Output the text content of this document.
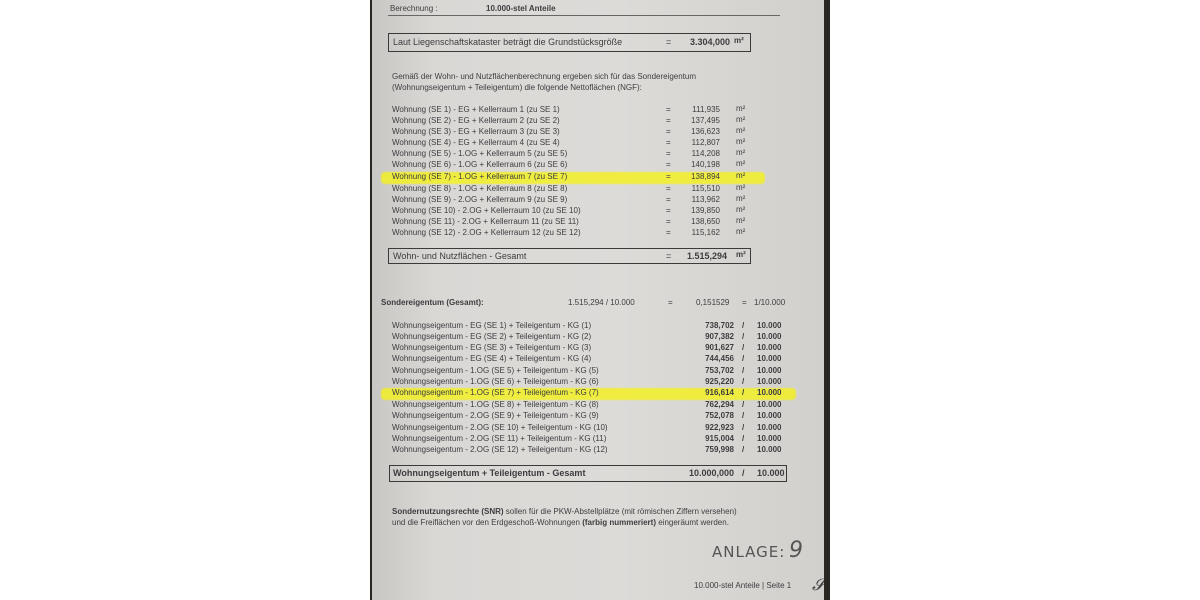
Berechnung :	10.000-stel Anteile
Laut Liegenschaftskataster beträgt die Grundstücksgröße	= 3.304,000 m²
Gemäß der Wohn- und Nutzflächenberechnung ergeben sich für das Sondereigentum
(Wohnungseigentum + Teileigentum) die folgende Nettoflächen (NGF):
Wohnung (SE 1) - EG + Kellerraum 1 (zu SE 1)	=	111,935 m²
Wohnung (SE 2) - EG + Kellerraum 2 (zu SE 2)	=	137,495 m²
Wohnung (SE 3) - EG + Kellerraum 3 (zu SE 3)	=	136,623 m²
Wohnung (SE 4) - EG + Kellerraum 4 (zu SE 4)	=	112,807 m²
Wohnung (SE 5) - 1.OG + Kellerraum 5 (zu SE 5)	=	114,208 m²
Wohnung (SE 6) - 1.OG + Kellerraum 6 (zu SE 6)	=	140,198 m²
Wohnung (SE 7) - 1.OG + Kellerraum 7 (zu SE 7)	=	138,894 m²
Wohnung (SE 8) - 1.OG + Kellerraum 8 (zu SE 8)	=	115,510 m²
Wohnung (SE 9) - 2.OG + Kellerraum 9 (zu SE 9)	=	113,962 m²
Wohnung (SE 10) - 2.OG + Kellerraum 10 (zu SE 10)	=	139,850 m²
Wohnung (SE 11) - 2.OG + Kellerraum 11 (zu SE 11)	=	138,650 m²
Wohnung (SE 12) - 2.OG + Kellerraum 12 (zu SE 12)	=	115,162 m²
Wohn- und Nutzflächen - Gesamt	= 1.515,294 m²
Sondereigentum (Gesamt):	1.515,294 / 10.000	=	0,151529 = 1/10.000
Wohnungseigentum - EG (SE 1) + Teileigentum - KG (1)	738,702 / 10.000
Wohnungseigentum - EG (SE 2) + Teileigentum - KG (2)	907,382 / 10.000
Wohnungseigentum - EG (SE 3) + Teileigentum - KG (3)	901,627 / 10.000
Wohnungseigentum - EG (SE 4) + Teileigentum - KG (4)	744,456 / 10.000
Wohnungseigentum - 1.OG (SE 5) + Teileigentum - KG (5)	753,702 / 10.000
Wohnungseigentum - 1.OG (SE 6) + Teileigentum - KG (6)	925,220 / 10.000
Wohnungseigentum - 1.OG (SE 7) + Teileigentum - KG (7)	916,614 / 10.000
Wohnungseigentum - 1.OG (SE 8) + Teileigentum - KG (8)	762,294 / 10.000
Wohnungseigentum - 2.OG (SE 9) + Teileigentum - KG (9)	752,078 / 10.000
Wohnungseigentum - 2.OG (SE 10) + Teileigentum - KG (10)	922,923 / 10.000
Wohnungseigentum - 2.OG (SE 11) + Teileigentum - KG (11)	915,004 / 10.000
Wohnungseigentum - 2.OG (SE 12) + Teileigentum - KG (12)	759,998 / 10.000
Wohnungseigentum + Teileigentum - Gesamt	10.000,000 / 10.000
Sondernutzungsrechte (SNR) sollen für die PKW-Abstellplätze (mit römischen Ziffern versehen)
und die Freiflächen vor den Erdgeschoß-Wohnungen (farbig nummeriert) eingeräumt werden.
ANLAGE: 9
10.000-stel Anteile | Seite 1 𝓢
